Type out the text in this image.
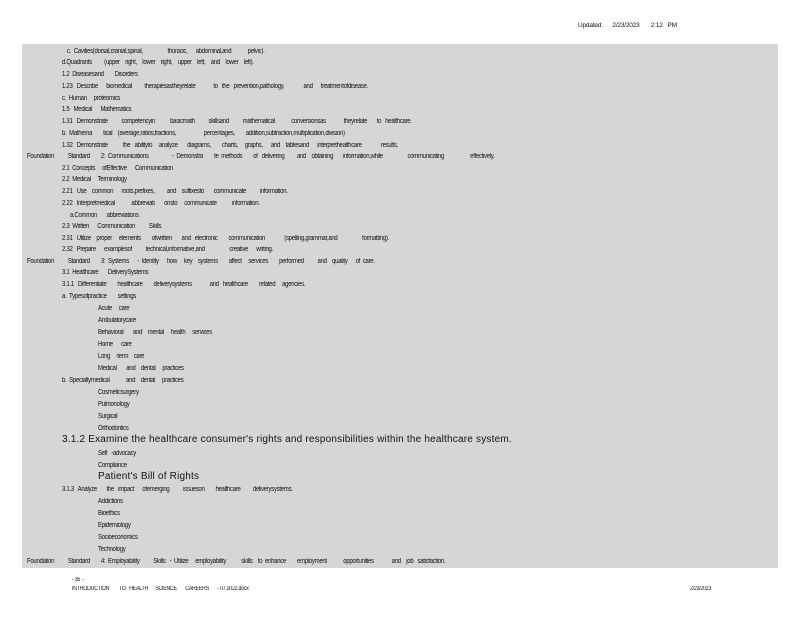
Updated:      2/23/2023       2:12   PM
c.  Cavities(dorsal,cranial,spinal,                  thoracic,      abdominal,and            pelvic).
d.Quadrants         (upper    right,    lower    right,    upper    left,    and    lower    left).
1.2  Diseasesand        Disorders
1.23   Describe      biomedical         therapiesastheyrelate             to   the   prevention,pathology,              and      treatmentofdisease.
c.  Human     proteomics
1.5   Medical      Mathematics
1.31   Demonstrate          competencyin           basicmath          skillsand          mathematical            conversionsas             theyrelate       to   healthcare.
b.  Mathema        tical    (average,ratios,fractions,                    percentages,        addition,subtraction,multiplication,division)
1.32   Demonstrate           the   abilityto     analyze       diagrams,        charts,     graphs,      and    tablesand      interprethealthcare              results.
Foundation          Standard        2:  Communications                 -  Demonstra        te  methods        of   delivering         and    obtaining       information,while                  communicating                   effectively.
2.1  Concepts     ofEffective      Communication
2.2  Medical     Terminology
2.21   Use    common      roots,prefixes,         and    suffixesto       communicate          information.
2.22   Interpretmedical            abbreviati       onsto     communicate           information.
a.Common       abbreviations
2.3  Written      Communication          Skills
2.31   Utilize    proper     elements        ofwritten       and   electronic        communication              (spelling,grammar,and                  formatting).
2.32   Prepare      examplesof          technical,informative,and                  creative      writing.
Foundation          Standard        3:  Systems      -  Identify      how     key    systems        affect     services        performed          and    quality      of  care.
3.1  Healthcare       DeliverySystems
3.1.1   Differentiate        healthcare        deliverysystems             and   healthcare        related     agencies.
a.  Typesofpractice        settings
Acute     care
Ambulatorycare
Behavioral       and    mental     health     services
Home      care
Long    -term    care
Medical       and    dental     practices
b.  Specialtymedical            and    dental     practices
Cosmeticsurgery
Pulmonology
Surgical
Orthodontics
Self   -advocacy
Compliance
3.1.3   Analyze       the   impact      ofemerging          issueson        healthcare         deliverysystems.
Addictions
Bioethics
Epidemiology
Socioeconomics
Technology
Foundation          Standard        4:  Employability          Skills   -  Utilize     employability           skills    to  enhance        employment            opportunities             and    job   satisfaction.
3.1.2 Examine the healthcare consumer's rights and responsibilities within the healthcare system.
Patient's Bill of Rights
- 35  -
INTRODUCTION        TO   HEALTH      SCIENCE       CAREERS       - 07.2022.docx	2/23/2023
